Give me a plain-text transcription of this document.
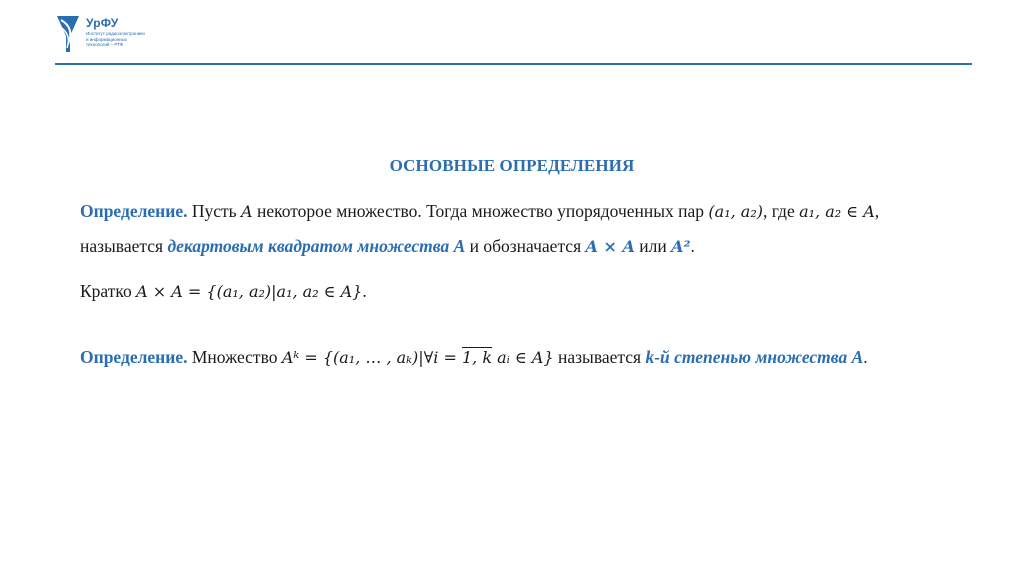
УрФУ
Институт радиоэлектроники и информационных технологий – РТФ
ОСНОВНЫЕ ОПРЕДЕЛЕНИЯ
Определение. Пусть A некоторое множество. Тогда множество упорядоченных пар (a₁, a₂), где a₁, a₂ ∈ A, называется декартовым квадратом множества A и обозначается A × A или A².
Кратко A × A = {(a₁, a₂)|a₁, a₂ ∈ A}.
Определение. Множество Aᵏ = {(a₁, … , aₖ)|∀i = 1, k aᵢ ∈ A} называется k-й степенью множества A.
